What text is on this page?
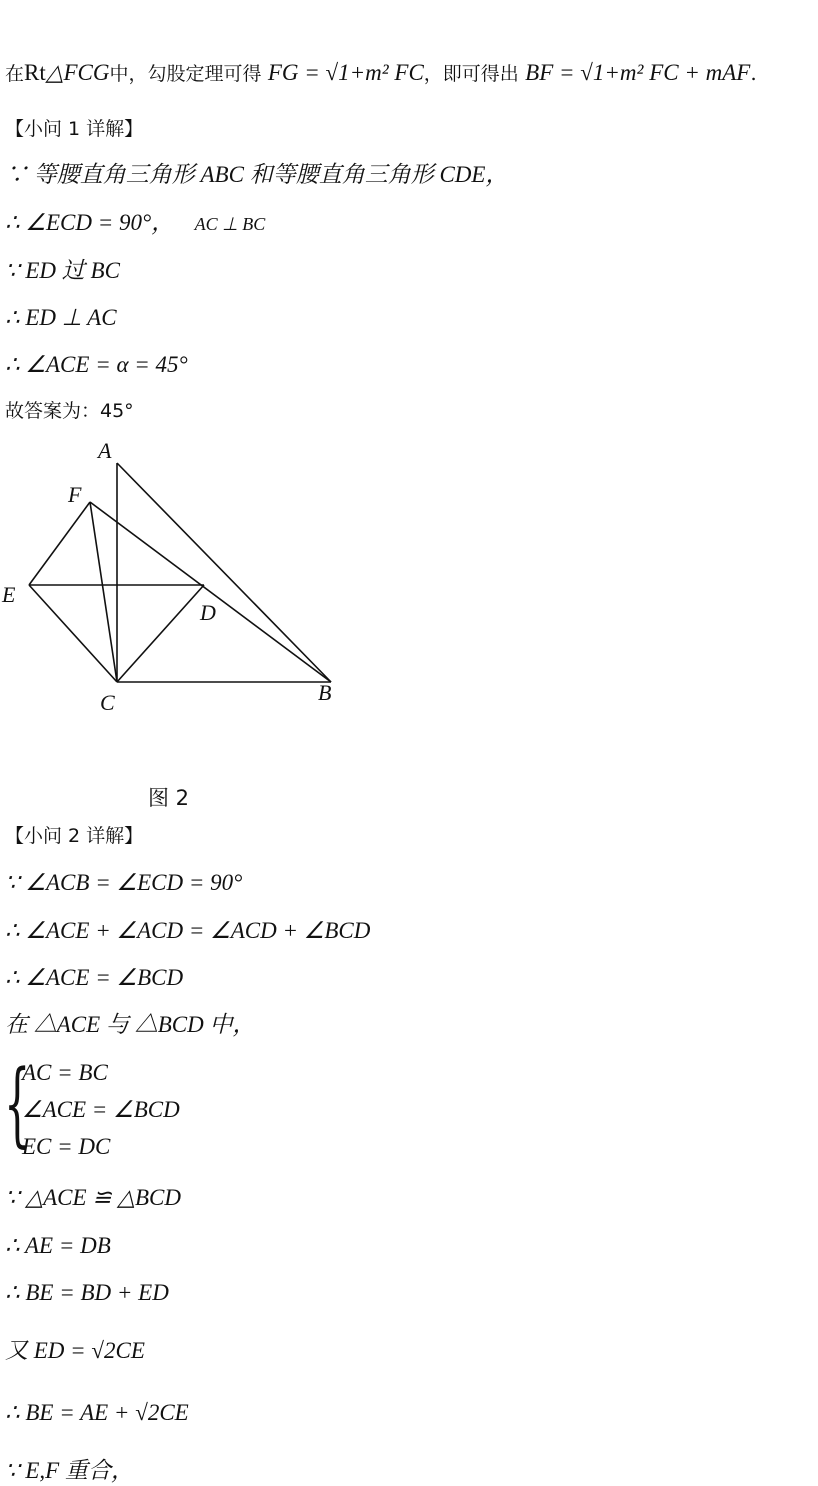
在Rt△FCG中，勾股定理可得 FG = √1+m² FC，即可得出 BF = √1+m² FC + mAF.
【小问 1 详解】
∵ 等腰直角三角形 ABC 和等腰直角三角形 CDE，
∴ ∠ECD = 90°， AC ⊥ BC
∵ ED 过 BC
∴ ED ⊥ AC
∴ ∠ACE = α = 45°
故答案为：45°
A
F
E
D
C	B
图 2
【小问 2 详解】
∵ ∠ACB = ∠ECD = 90°
∴ ∠ACE + ∠ACD = ∠ACD + ∠BCD
∴ ∠ACE = ∠BCD
在 △ACE 与 △BCD 中，
{
AC = BC
∠ACE = ∠BCD
EC = DC
∵ △ACE ≌ △BCD
∴ AE = DB
∴ BE = BD + ED
又 ED = √2CE
∴ BE = AE + √2CE
∵ E,F 重合，
